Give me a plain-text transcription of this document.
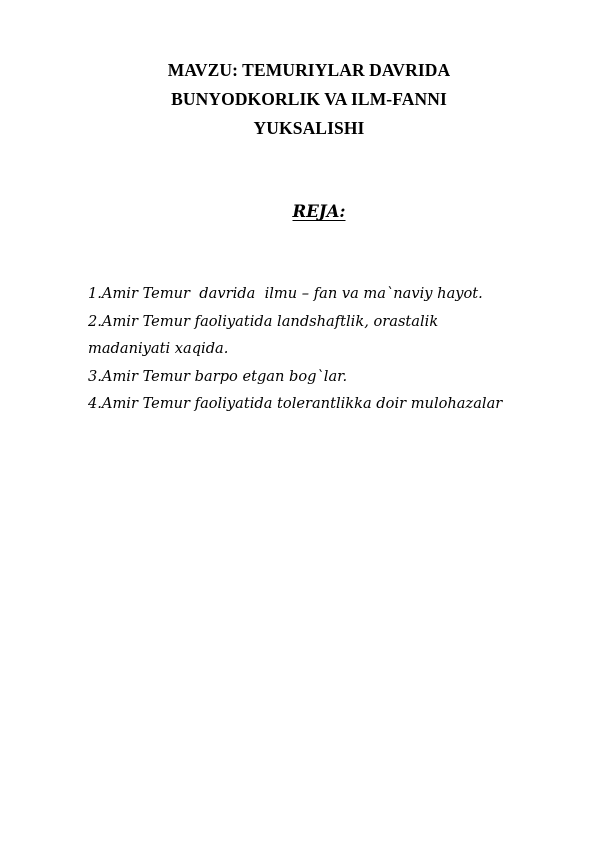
MAVZU: TEMURIYLAR DAVRIDA
BUNYODKORLIK VA ILM-FANNI
YUKSALISHI
REJA:
1.Amir Temur  davrida  ilmu – fan va ma`naviy hayot.
2.Amir Temur faoliyatida landshaftlik, orastalik
madaniyati xaqida.
3.Amir Temur barpo etgan bog`lar.
4.Amir Temur faoliyatida tolerantlikka doir mulohazalar
